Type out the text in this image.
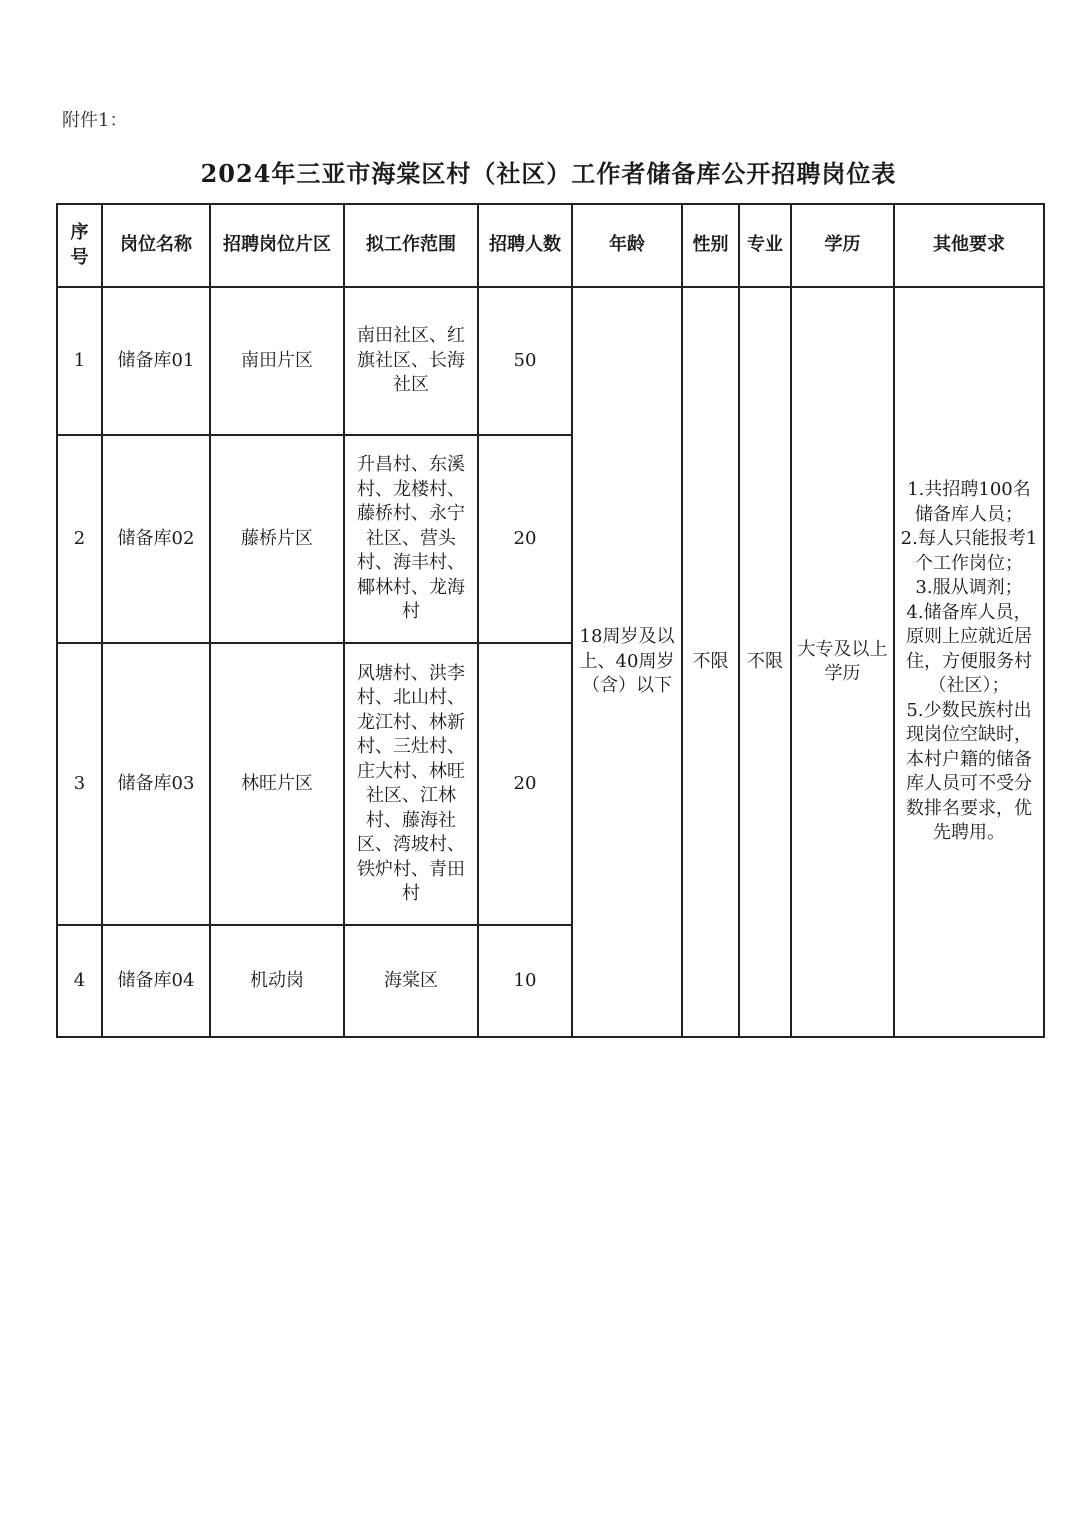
附件1：
2024年三亚市海棠区村（社区）工作者储备库公开招聘岗位表
序
号	岗位名称	招聘岗位片区	拟工作范围	招聘人数	年龄	性别	专业	学历	其他要求
1	储备库01	南田片区	南田社区、红旗社区、长海社区	50	18周岁及以上、40周岁（含）以下	不限	不限	大专及以上学历	1.共招聘100名储备库人员；
2.每人只能报考1个工作岗位；
3.服从调剂；
4.储备库人员，原则上应就近居住，方便服务村（社区）；
5.少数民族村出现岗位空缺时，本村户籍的储备库人员可不受分数排名要求，优先聘用。

2	储备库02	藤桥片区	升昌村、东溪村、龙楼村、藤桥村、永宁社区、营头村、海丰村、椰林村、龙海村	20					
3	储备库03	林旺片区	风塘村、洪李村、北山村、龙江村、林新村、三灶村、庄大村、林旺社区、江林村、藤海社区、湾坡村、铁炉村、青田村	20					
4	储备库04	机动岗	海棠区	10					
